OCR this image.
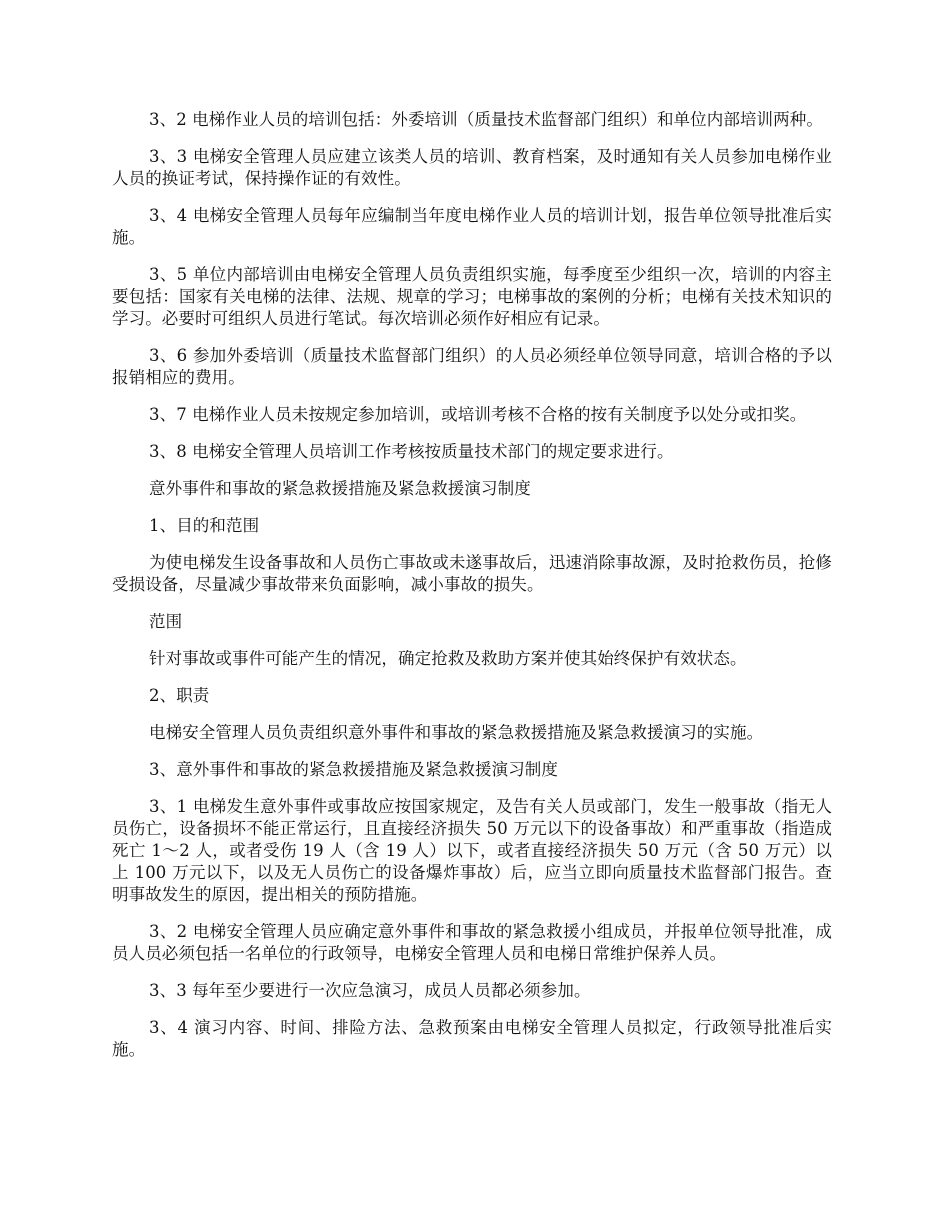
3、2 电梯作业人员的培训包括：外委培训（质量技术监督部门组织）和单位内部培训两种。

3、3 电梯安全管理人员应建立该类人员的培训、教育档案，及时通知有关人员参加电梯作业人员的换证考试，保持操作证的有效性。

3、4 电梯安全管理人员每年应编制当年度电梯作业人员的培训计划，报告单位领导批准后实施。

3、5 单位内部培训由电梯安全管理人员负责组织实施，每季度至少组织一次，培训的内容主要包括：国家有关电梯的法律、法规、规章的学习；电梯事故的案例的分析；电梯有关技术知识的学习。必要时可组织人员进行笔试。每次培训必须作好相应有记录。

3、6 参加外委培训（质量技术监督部门组织）的人员必须经单位领导同意，培训合格的予以报销相应的费用。

3、7 电梯作业人员未按规定参加培训，或培训考核不合格的按有关制度予以处分或扣奖。

3、8 电梯安全管理人员培训工作考核按质量技术部门的规定要求进行。

意外事件和事故的紧急救援措施及紧急救援演习制度

1、目的和范围

为使电梯发生设备事故和人员伤亡事故或未遂事故后，迅速消除事故源，及时抢救伤员，抢修受损设备，尽量减少事故带来负面影响，减小事故的损失。

范围

针对事故或事件可能产生的情况，确定抢救及救助方案并使其始终保护有效状态。

2、职责

电梯安全管理人员负责组织意外事件和事故的紧急救援措施及紧急救援演习的实施。

3、意外事件和事故的紧急救援措施及紧急救援演习制度

3、1 电梯发生意外事件或事故应按国家规定，及告有关人员或部门，发生一般事故（指无人员伤亡，设备损坏不能正常运行，且直接经济损失 50 万元以下的设备事故）和严重事故（指造成死亡 1～2 人，或者受伤 19 人（含 19 人）以下，或者直接经济损失 50 万元（含 50 万元）以上 100 万元以下，以及无人员伤亡的设备爆炸事故）后，应当立即向质量技术监督部门报告。查明事故发生的原因，提出相关的预防措施。

3、2 电梯安全管理人员应确定意外事件和事故的紧急救援小组成员，并报单位领导批准，成员人员必须包括一名单位的行政领导，电梯安全管理人员和电梯日常维护保养人员。

3、3 每年至少要进行一次应急演习，成员人员都必须参加。

3、4 演习内容、时间、排险方法、急救预案由电梯安全管理人员拟定，行政领导批准后实施。
